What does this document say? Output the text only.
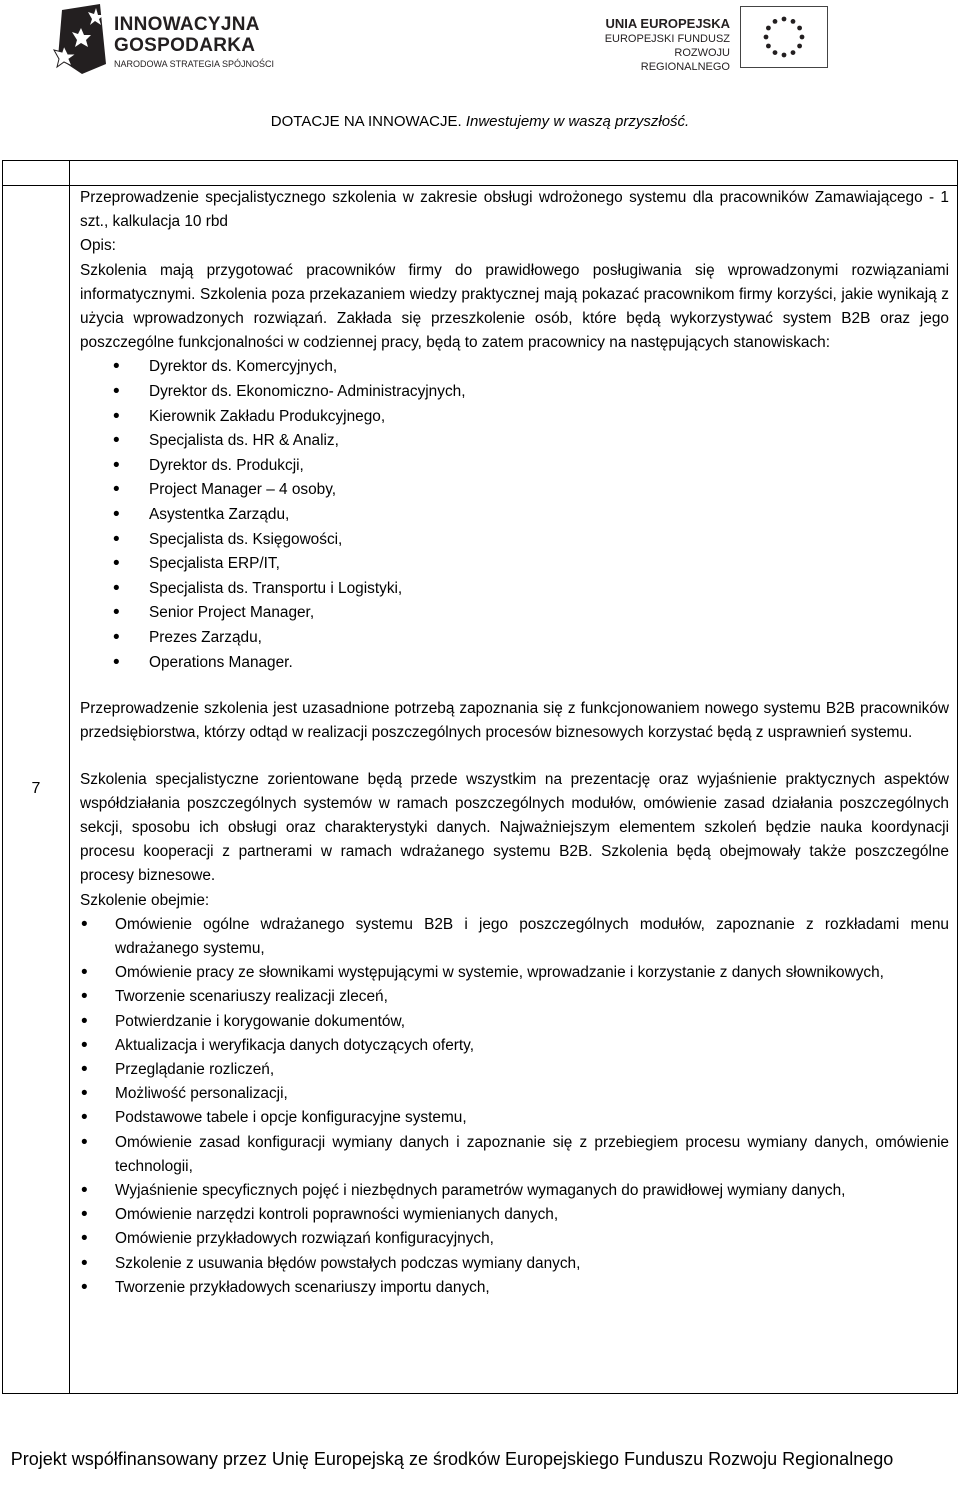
INNOWACYJNA
GOSPODARKA
NARODOWA STRATEGIA SPÓJNOŚCI
UNIA EUROPEJSKA
EUROPEJSKI FUNDUSZ
ROZWOJU REGIONALNEGO
DOTACJE NA INNOWACJE. Inwestujemy w waszą przyszłość.
7

Przeprowadzenie specjalistycznego szkolenia w zakresie obsługi wdrożonego systemu dla pracowników Zamawiającego - 1 szt., kalkulacja 10 rbd

Opis:

Szkolenia mają przygotować pracowników firmy do prawidłowego posługiwania się wprowadzonymi rozwiązaniami informatycznymi. Szkolenia poza przekazaniem wiedzy praktycznej mają pokazać pracownikom firmy korzyści, jakie wynikają z użycia wprowadzonych rozwiązań. Zakłada się przeszkolenie osób, które będą wykorzystywać system B2B oraz jego poszczególne funkcjonalności w codziennej pracy, będą to zatem pracownicy na następujących stanowiskach:

• Dyrektor ds. Komercyjnych,
• Dyrektor ds. Ekonomiczno- Administracyjnych,
• Kierownik Zakładu Produkcyjnego,
• Specjalista ds. HR & Analiz,
• Dyrektor ds. Produkcji,
• Project Manager – 4 osoby,
• Asystentka Zarządu,
• Specjalista ds. Księgowości,
• Specjalista ERP/IT,
• Specjalista ds. Transportu i Logistyki,
• Senior Project Manager,
• Prezes Zarządu,
• Operations Manager.

Przeprowadzenie szkolenia jest uzasadnione potrzebą zapoznania się z funkcjonowaniem nowego systemu B2B pracowników przedsiębiorstwa, którzy odtąd w realizacji poszczególnych procesów biznesowych korzystać będą z usprawnień systemu.

Szkolenia specjalistyczne zorientowane będą przede wszystkim na prezentację oraz wyjaśnienie praktycznych aspektów współdziałania poszczególnych systemów w ramach poszczególnych modułów, omówienie zasad działania poszczególnych sekcji, sposobu ich obsługi oraz charakterystyki danych. Najważniejszym elementem szkoleń będzie nauka koordynacji procesu kooperacji z partnerami w ramach wdrażanego systemu B2B. Szkolenia będą obejmowały także poszczególne procesy biznesowe.

Szkolenie obejmie:

• Omówienie ogólne wdrażanego systemu B2B i jego poszczególnych modułów, zapoznanie z rozkładami menu wdrażanego systemu,
• Omówienie pracy ze słownikami występującymi w systemie, wprowadzanie i korzystanie z danych słownikowych,
• Tworzenie scenariuszy realizacji zleceń,
• Potwierdzanie i korygowanie dokumentów,
• Aktualizacja i weryfikacja danych dotyczących oferty,
• Przeglądanie rozliczeń,
• Możliwość personalizacji,
• Podstawowe tabele i opcje konfiguracyjne systemu,
• Omówienie zasad konfiguracji wymiany danych i zapoznanie się z przebiegiem procesu wymiany danych, omówienie technologii,
• Wyjaśnienie specyficznych pojęć i niezbędnych parametrów wymaganych do prawidłowej wymiany danych,
• Omówienie narzędzi kontroli poprawności wymienianych danych,
• Omówienie przykładowych rozwiązań konfiguracyjnych,
• Szkolenie z usuwania błędów powstałych podczas wymiany danych,
• Tworzenie przykładowych scenariuszy importu danych,
Projekt współfinansowany przez Unię Europejską ze środków Europejskiego Funduszu Rozwoju Regionalnego
